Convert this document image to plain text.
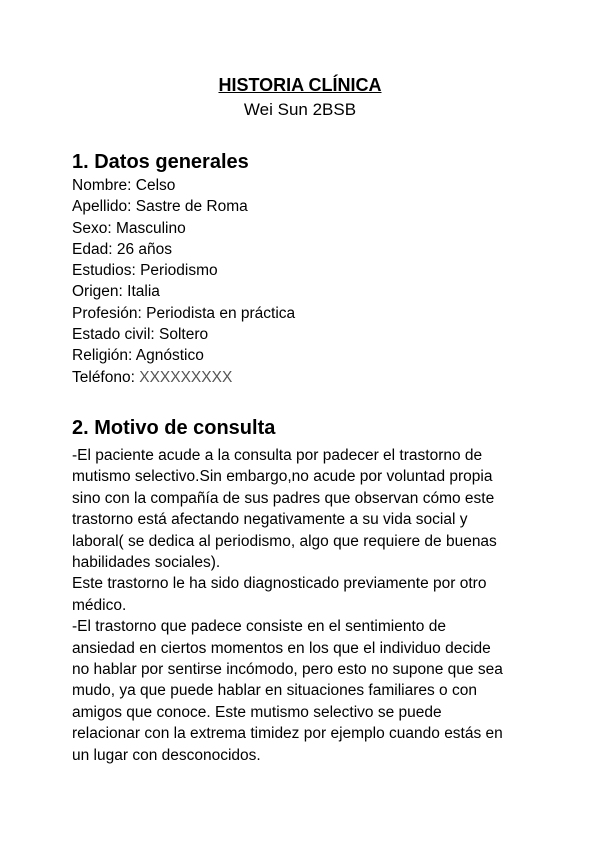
HISTORIA CLÍNICA
Wei Sun 2BSB
1. Datos generales
Nombre: Celso
Apellido: Sastre de Roma
Sexo: Masculino
Edad: 26 años
Estudios: Periodismo
Origen: Italia
Profesión: Periodista en práctica
Estado civil: Soltero
Religión: Agnóstico
Teléfono: XXXXXXXXX
2. Motivo de consulta

-El paciente acude a la consulta por padecer el trastorno de

mutismo selectivo.Sin embargo,no acude por voluntad propia

sino con la compañía de sus padres que observan cómo este

trastorno está afectando negativamente a su vida social y

laboral( se dedica al periodismo, algo que requiere de buenas

habilidades sociales).

Este trastorno le ha sido diagnosticado previamente por otro

médico.

-El trastorno que padece consiste en el sentimiento de

ansiedad en ciertos momentos en los que el individuo decide

no hablar por sentirse incómodo, pero esto no supone que sea

mudo, ya que puede hablar en situaciones familiares o con

amigos que conoce. Este mutismo selectivo se puede

relacionar con la extrema timidez por ejemplo cuando estás en

un lugar con desconocidos.
